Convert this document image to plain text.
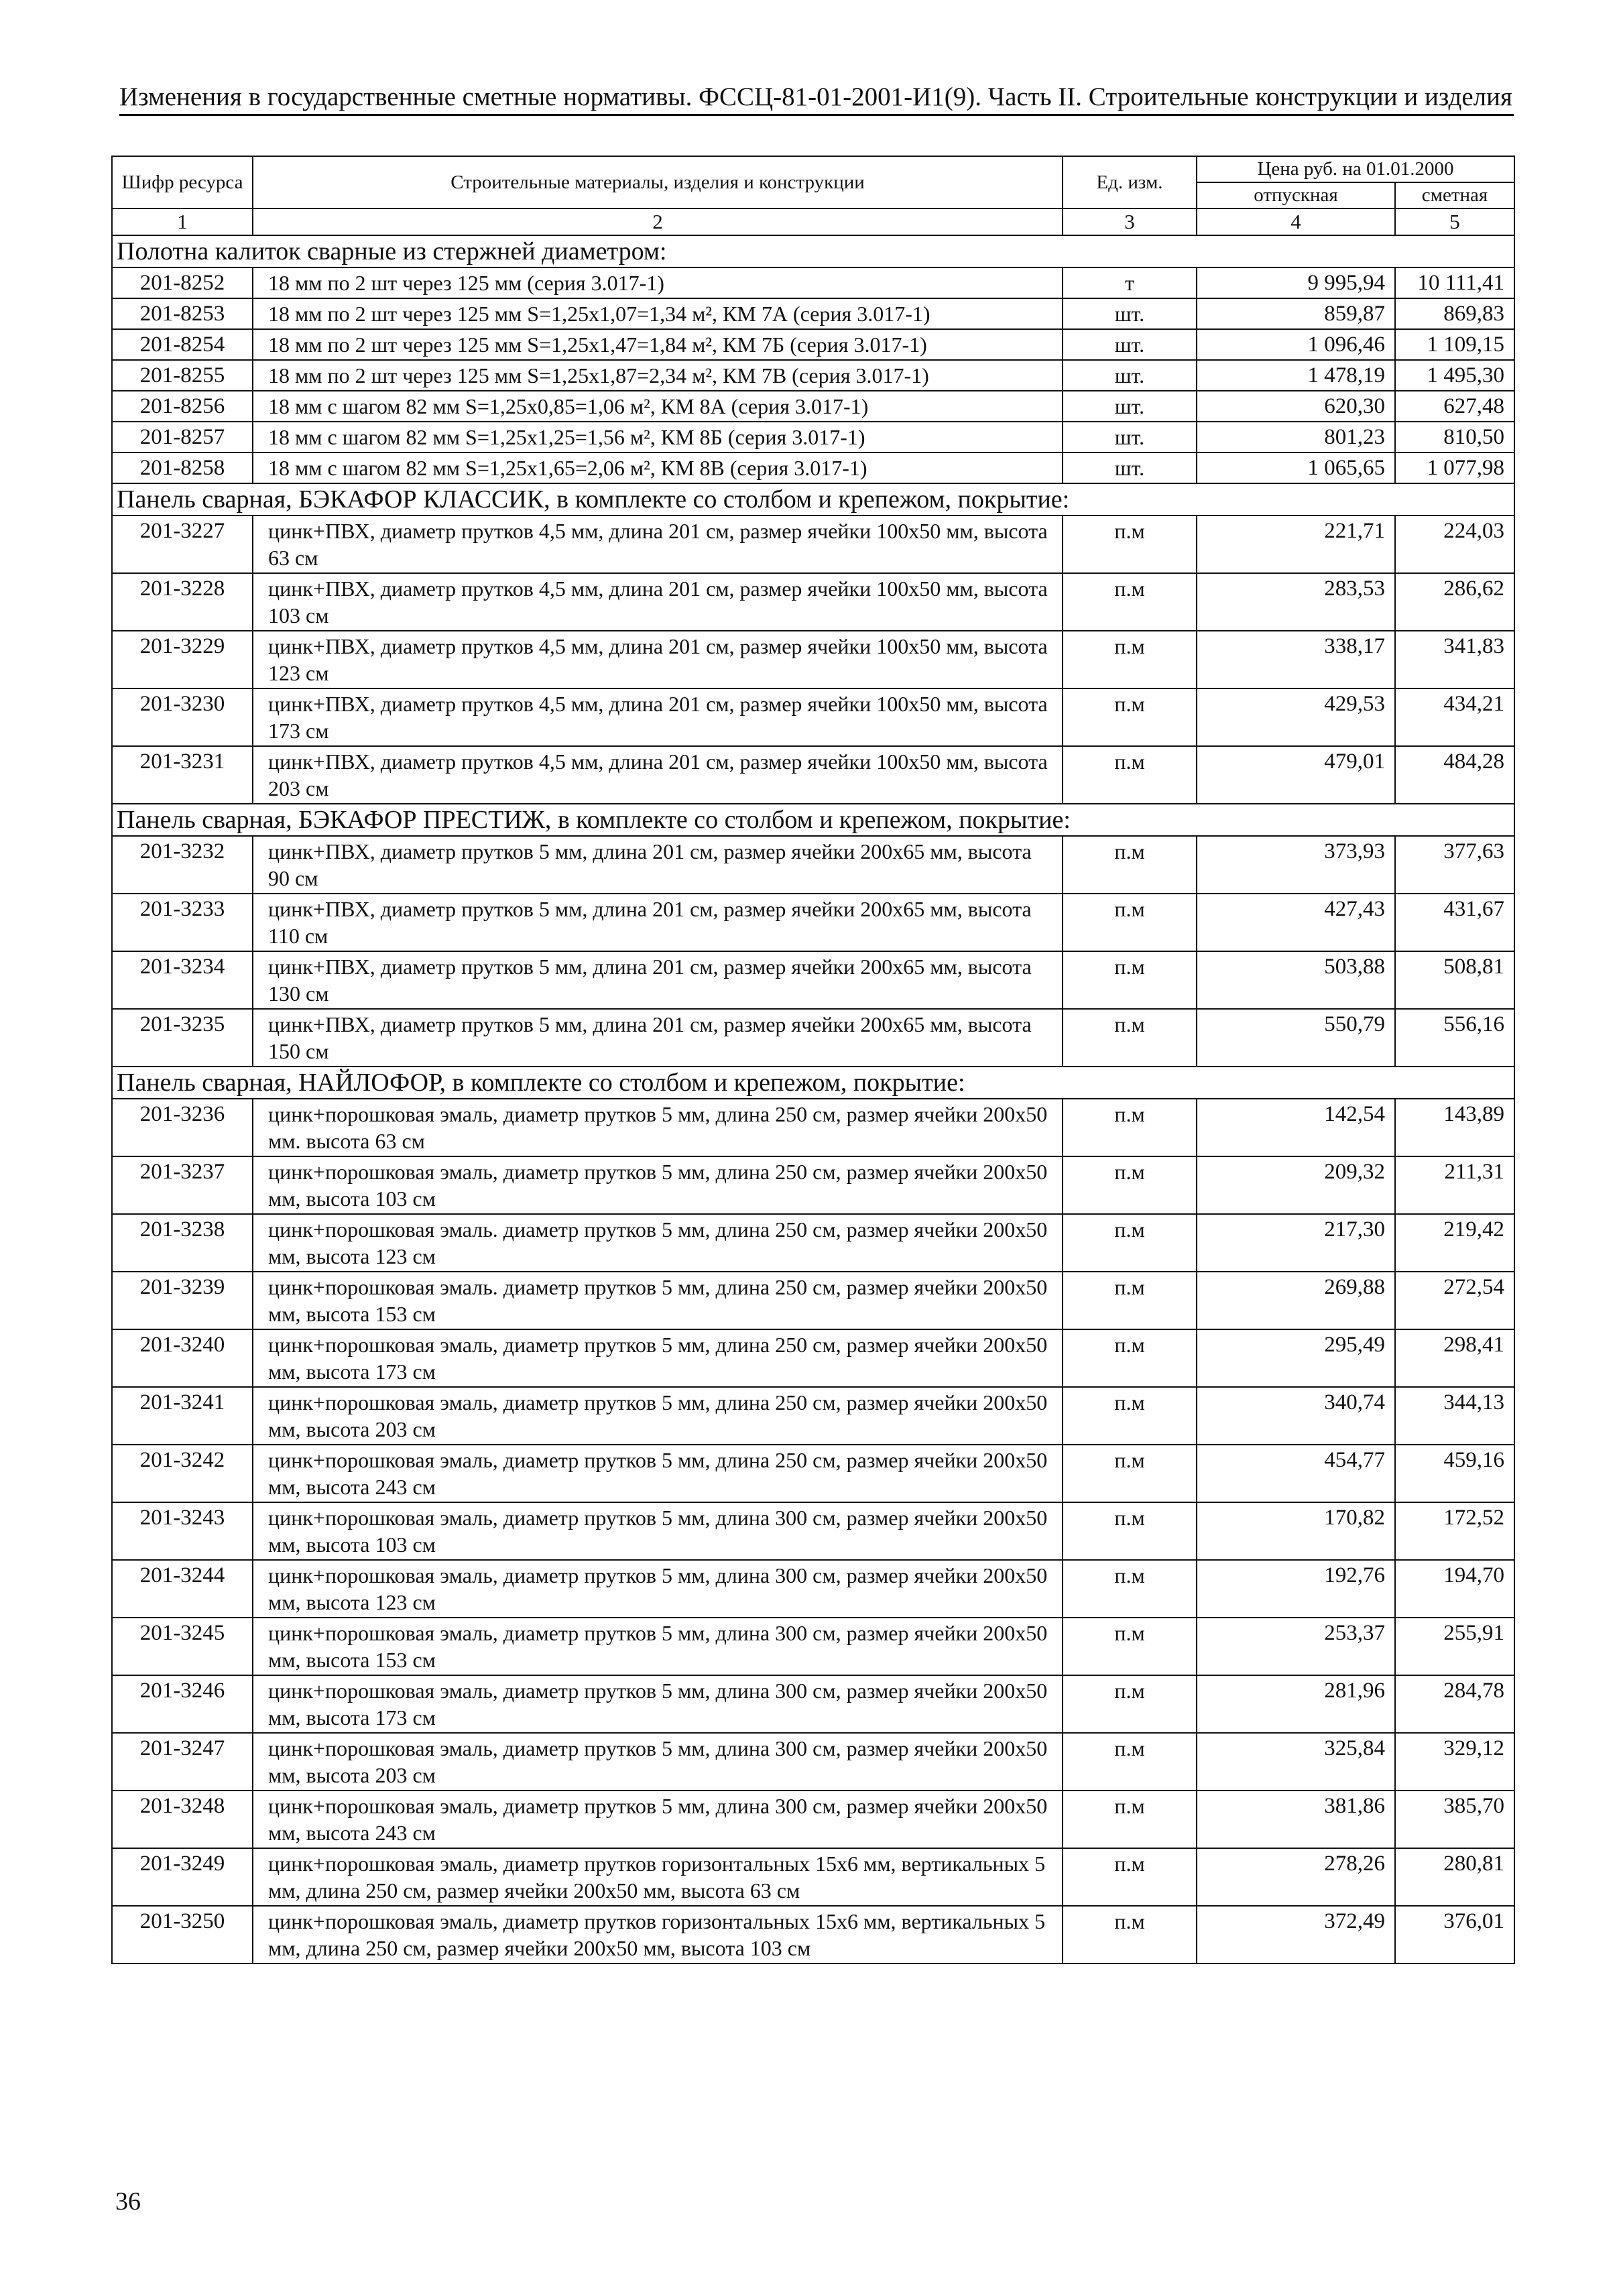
Изменения в государственные сметные нормативы. ФССЦ-81-01-2001-И1(9). Часть II. Строительные конструкции и изделия
Шифр ресурса	Строительные материалы, изделия и конструкции	Ед. изм.	Цена руб. на 01.01.2000	
			отпускная	сметная
1	2	3	4	5
Полотна калиток сварные из стержней диаметром:				
201-8252	18 мм по 2 шт через 125 мм (серия 3.017-1)	т	9 995,94	10 111,41
201-8253	18 мм по 2 шт через 125 мм S=1,25x1,07=1,34 м², КМ 7А (серия 3.017-1)	шт.	859,87	869,83
201-8254	18 мм по 2 шт через 125 мм S=1,25x1,47=1,84 м², КМ 7Б (серия 3.017-1)	шт.	1 096,46	1 109,15
201-8255	18 мм по 2 шт через 125 мм S=1,25x1,87=2,34 м², КМ 7В (серия 3.017-1)	шт.	1 478,19	1 495,30
201-8256	18 мм с шагом 82 мм S=1,25x0,85=1,06 м², КМ 8А (серия 3.017-1)	шт.	620,30	627,48
201-8257	18 мм с шагом 82 мм S=1,25x1,25=1,56 м², КМ 8Б (серия 3.017-1)	шт.	801,23	810,50
201-8258	18 мм с шагом 82 мм S=1,25x1,65=2,06 м², КМ 8В (серия 3.017-1)	шт.	1 065,65	1 077,98
Панель сварная, БЭКАФОР КЛАССИК, в комплекте со столбом и крепежом, покрытие:				
201-3227	цинк+ПВХ, диаметр прутков 4,5 мм, длина 201 см, размер ячейки 100x50 мм, высота 63 см	п.м	221,71	224,03
201-3228	цинк+ПВХ, диаметр прутков 4,5 мм, длина 201 см, размер ячейки 100x50 мм, высота 103 см	п.м	283,53	286,62
201-3229	цинк+ПВХ, диаметр прутков 4,5 мм, длина 201 см, размер ячейки 100x50 мм, высота 123 см	п.м	338,17	341,83
201-3230	цинк+ПВХ, диаметр прутков 4,5 мм, длина 201 см, размер ячейки 100x50 мм, высота 173 см	п.м	429,53	434,21
201-3231	цинк+ПВХ, диаметр прутков 4,5 мм, длина 201 см, размер ячейки 100x50 мм, высота 203 см	п.м	479,01	484,28
Панель сварная, БЭКАФОР ПРЕСТИЖ, в комплекте со столбом и крепежом, покрытие:				
201-3232	цинк+ПВХ, диаметр прутков 5 мм, длина 201 см, размер ячейки 200x65 мм, высота 90 см	п.м	373,93	377,63
201-3233	цинк+ПВХ, диаметр прутков 5 мм, длина 201 см, размер ячейки 200x65 мм, высота 110 см	п.м	427,43	431,67
201-3234	цинк+ПВХ, диаметр прутков 5 мм, длина 201 см, размер ячейки 200x65 мм, высота 130 см	п.м	503,88	508,81
201-3235	цинк+ПВХ, диаметр прутков 5 мм, длина 201 см, размер ячейки 200x65 мм, высота 150 см	п.м	550,79	556,16
Панель сварная, НАЙЛОФОР, в комплекте со столбом и крепежом, покрытие:				
201-3236	цинк+порошковая эмаль, диаметр прутков 5 мм, длина 250 см, размер ячейки 200x50 мм. высота 63 см	п.м	142,54	143,89
201-3237	цинк+порошковая эмаль, диаметр прутков 5 мм, длина 250 см, размер ячейки 200x50 мм, высота 103 см	п.м	209,32	211,31
201-3238	цинк+порошковая эмаль. диаметр прутков 5 мм, длина 250 см, размер ячейки 200x50 мм, высота 123 см	п.м	217,30	219,42
201-3239	цинк+порошковая эмаль. диаметр прутков 5 мм, длина 250 см, размер ячейки 200x50 мм, высота 153 см	п.м	269,88	272,54
201-3240	цинк+порошковая эмаль, диаметр прутков 5 мм, длина 250 см, размер ячейки 200x50 мм, высота 173 см	п.м	295,49	298,41
201-3241	цинк+порошковая эмаль, диаметр прутков 5 мм, длина 250 см, размер ячейки 200x50 мм, высота 203 см	п.м	340,74	344,13
201-3242	цинк+порошковая эмаль, диаметр прутков 5 мм, длина 250 см, размер ячейки 200x50 мм, высота 243 см	п.м	454,77	459,16
201-3243	цинк+порошковая эмаль, диаметр прутков 5 мм, длина 300 см, размер ячейки 200x50 мм, высота 103 см	п.м	170,82	172,52
201-3244	цинк+порошковая эмаль, диаметр прутков 5 мм, длина 300 см, размер ячейки 200x50 мм, высота 123 см	п.м	192,76	194,70
201-3245	цинк+порошковая эмаль, диаметр прутков 5 мм, длина 300 см, размер ячейки 200x50 мм, высота 153 см	п.м	253,37	255,91
201-3246	цинк+порошковая эмаль, диаметр прутков 5 мм, длина 300 см, размер ячейки 200x50 мм, высота 173 см	п.м	281,96	284,78
201-3247	цинк+порошковая эмаль, диаметр прутков 5 мм, длина 300 см, размер ячейки 200x50 мм, высота 203 см	п.м	325,84	329,12
201-3248	цинк+порошковая эмаль, диаметр прутков 5 мм, длина 300 см, размер ячейки 200x50 мм, высота 243 см	п.м	381,86	385,70
201-3249	цинк+порошковая эмаль, диаметр прутков горизонтальных 15x6 мм, вертикальных 5 мм, длина 250 см, размер ячейки 200x50 мм, высота 63 см	п.м	278,26	280,81
201-3250	цинк+порошковая эмаль, диаметр прутков горизонтальных 15x6 мм, вертикальных 5 мм, длина 250 см, размер ячейки 200x50 мм, высота 103 см	п.м	372,49	376,01
36
